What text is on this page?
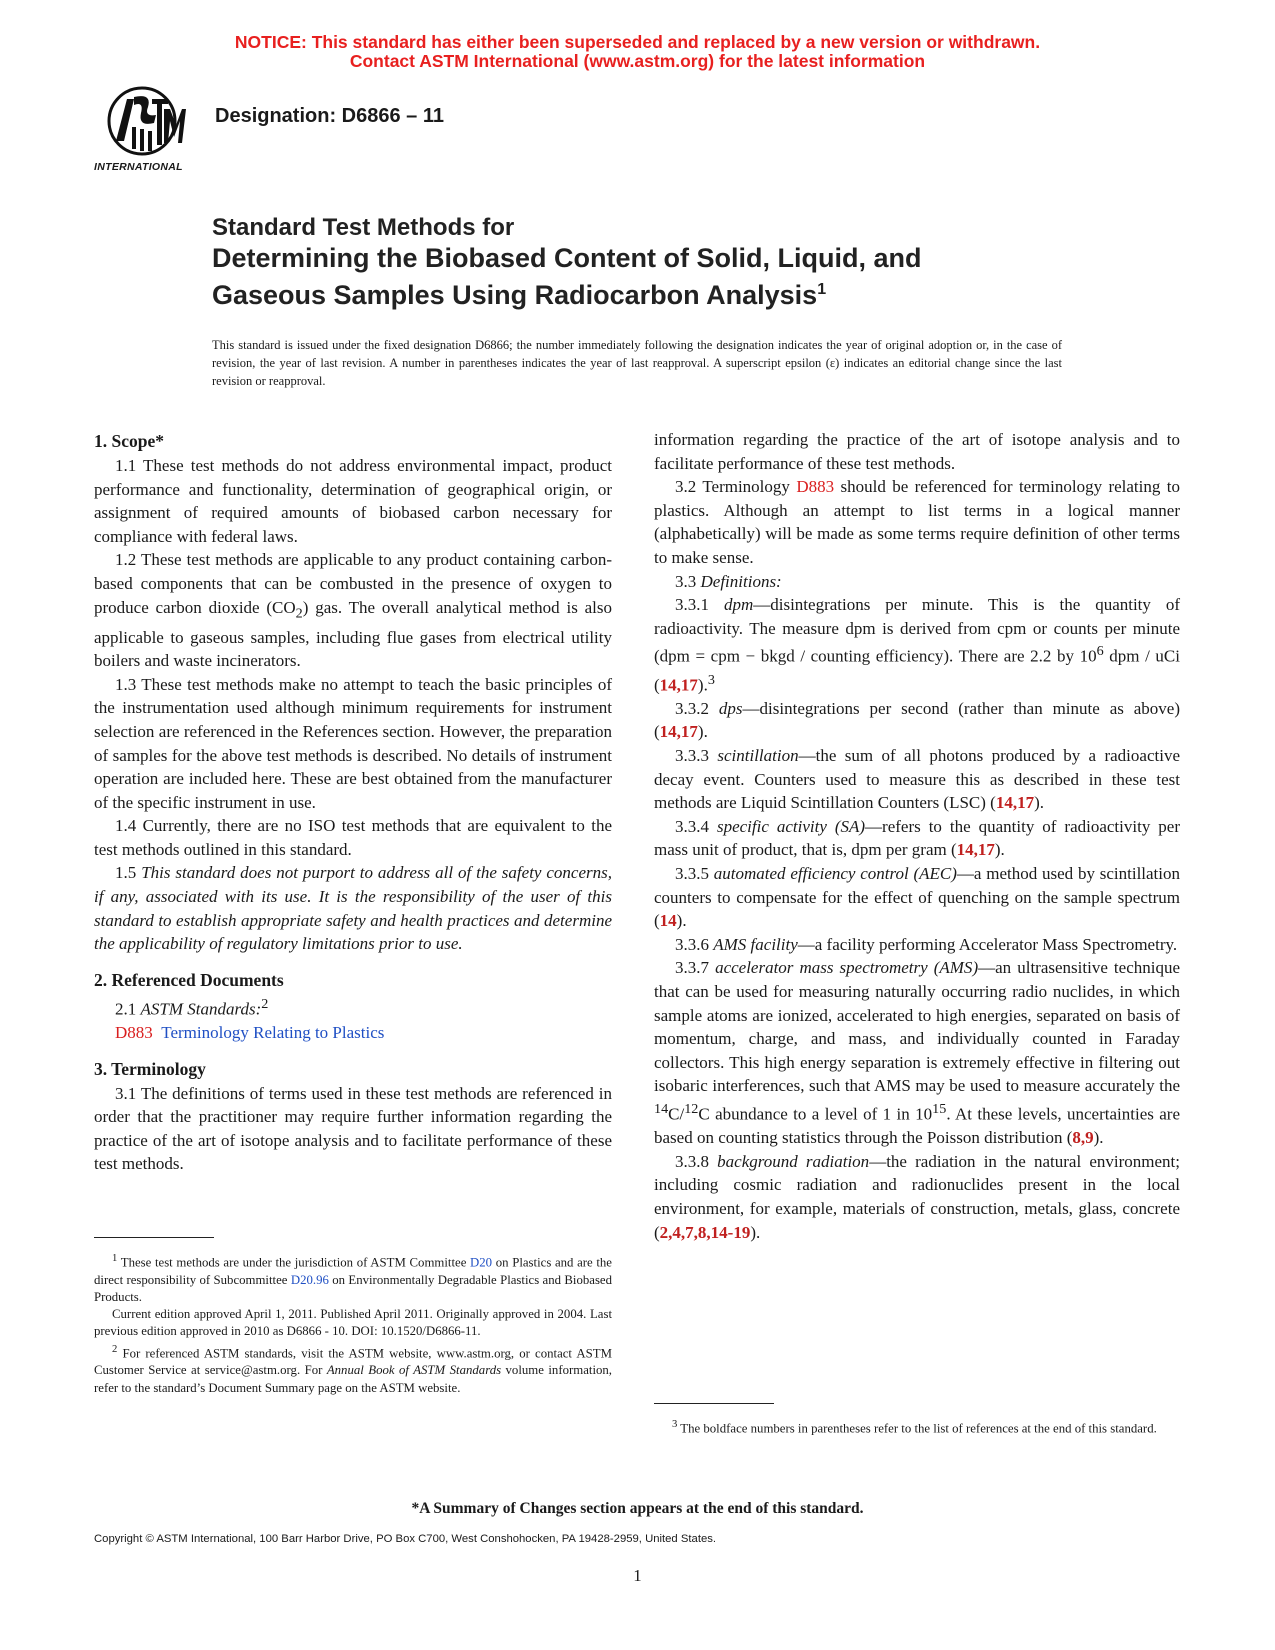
NOTICE: This standard has either been superseded and replaced by a new version or withdrawn.
Contact ASTM International (www.astm.org) for the latest information
INTERNATIONAL
Designation: D6866 – 11
Standard Test Methods for
Determining the Biobased Content of Solid, Liquid, and
Gaseous Samples Using Radiocarbon Analysis$^1$
This standard is issued under the fixed designation D6866; the number immediately following the designation indicates the year of original adoption or, in the case of revision, the year of last revision. A number in parentheses indicates the year of last reapproval. A superscript epsilon (ε) indicates an editorial change since the last revision or reapproval.
1. Scope*

1.1 These test methods do not address environmental impact, product performance and functionality, determination of geographical origin, or assignment of required amounts of biobased carbon necessary for compliance with federal laws.

1.2 These test methods are applicable to any product containing carbon-based components that can be combusted in the presence of oxygen to produce carbon dioxide $(CO_2)$ gas. The overall analytical method is also applicable to gaseous samples, including flue gases from electrical utility boilers and waste incinerators.

1.3 These test methods make no attempt to teach the basic principles of the instrumentation used although minimum requirements for instrument selection are referenced in the References section. However, the preparation of samples for the above test methods is described. No details of instrument operation are included here. These are best obtained from the manufacturer of the specific instrument in use.

1.4 Currently, there are no ISO test methods that are equivalent to the test methods outlined in this standard.

1.5 This standard does not purport to address all of the safety concerns, if any, associated with its use. It is the responsibility of the user of this standard to establish appropriate safety and health practices and determine the applicability of regulatory limitations prior to use.

2. Referenced Documents

2.1 ASTM Standards:$^2$

D883 Terminology Relating to Plastics

3. Terminology

3.1 The definitions of terms used in these test methods are referenced in order that the practitioner may require further information regarding the practice of the art of isotope analysis and to facilitate performance of these test methods.

information regarding the practice of the art of isotope analysis and to facilitate performance of these test methods.

3.2 Terminology D883 should be referenced for terminology relating to plastics. Although an attempt to list terms in a logical manner (alphabetically) will be made as some terms require definition of other terms to make sense.

3.3 Definitions:

3.3.1 dpm—disintegrations per minute. This is the quantity of radioactivity. The measure dpm is derived from cpm or counts per minute (dpm = cpm − bkgd / counting efficiency). There are 2.2 by $10^6$ dpm / uCi (14,17).$^3$

3.3.2 dps—disintegrations per second (rather than minute as above) (14,17).

3.3.3 scintillation—the sum of all photons produced by a radioactive decay event. Counters used to measure this as described in these test methods are Liquid Scintillation Counters (LSC) (14,17).

3.3.4 specific activity (SA)—refers to the quantity of radioactivity per mass unit of product, that is, dpm per gram (14,17).

3.3.5 automated efficiency control (AEC)—a method used by scintillation counters to compensate for the effect of quenching on the sample spectrum (14).

3.3.6 AMS facility—a facility performing Accelerator Mass Spectrometry.

3.3.7 accelerator mass spectrometry (AMS)—an ultrasensitive technique that can be used for measuring naturally occurring radio nuclides, in which sample atoms are ionized, accelerated to high energies, separated on basis of momentum, charge, and mass, and individually counted in Faraday collectors. This high energy separation is extremely effective in filtering out isobaric interferences, such that AMS may be used to measure accurately the $^{14}$C/$^{12}$C abundance to a level of 1 in $10^{15}$. At these levels, uncertainties are based on counting statistics through the Poisson distribution (8,9).

3.3.8 background radiation—the radiation in the natural environment; including cosmic radiation and radionuclides present in the local environment, for example, materials of construction, metals, glass, concrete (2,4,7,8,14-19).

$^1$ These test methods are under the jurisdiction of ASTM Committee D20 on Plastics and are the direct responsibility of Subcommittee D20.96 on Environmentally Degradable Plastics and Biobased Products.

Current edition approved April 1, 2011. Published April 2011. Originally approved in 2004. Last previous edition approved in 2010 as D6866 - 10. DOI: 10.1520/D6866-11.

$^2$ For referenced ASTM standards, visit the ASTM website, www.astm.org, or contact ASTM Customer Service at service@astm.org. For Annual Book of ASTM Standards volume information, refer to the standard’s Document Summary page on the ASTM website.

$^3$ The boldface numbers in parentheses refer to the list of references at the end of this standard.

*A Summary of Changes section appears at the end of this standard.
Copyright © ASTM International, 100 Barr Harbor Drive, PO Box C700, West Conshohocken, PA 19428-2959, United States.
1
